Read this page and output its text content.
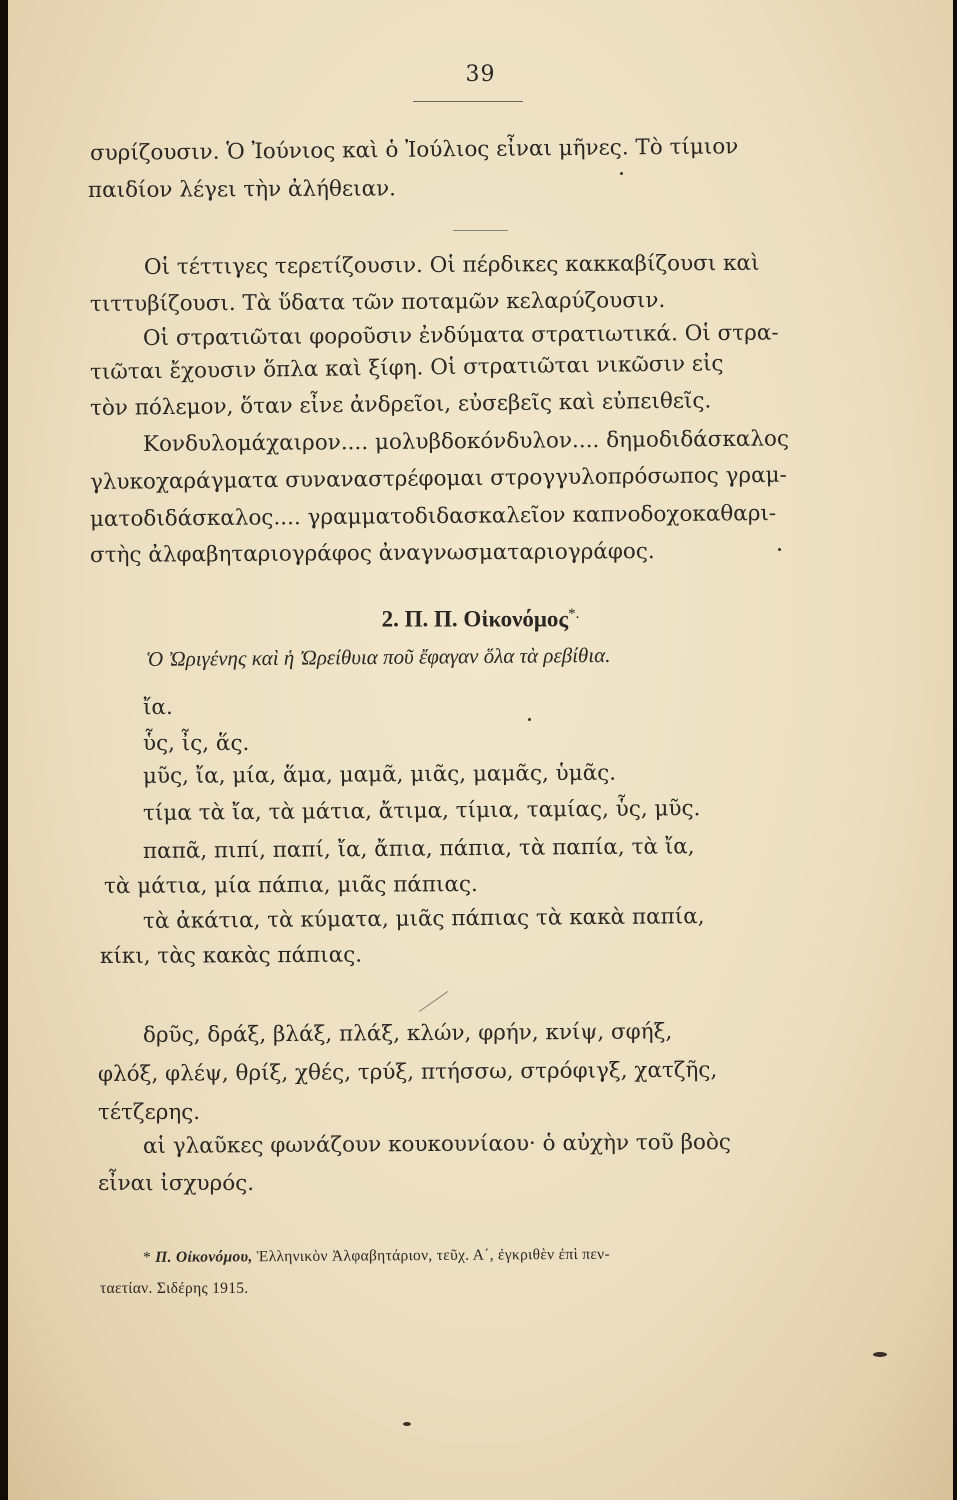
39
συρίζουσιν. Ὁ Ἰούνιος καὶ ὁ Ἰούλιος εἶναι μῆνες. Τὸ τίμιον
παιδίον λέγει τὴν ἀλήθειαν.
Οἱ τέττιγες τερετίζουσιν. Οἱ πέρδικες κακκαβίζουσι καὶ
τιττυβίζουσι. Τὰ ὕδατα τῶν ποταμῶν κελαρύζουσιν.
Οἱ στρατιῶται φοροῦσιν ἐνδύματα στρατιωτικά. Οἱ στρα-
τιῶται ἔχουσιν ὅπλα καὶ ξίφη. Οἱ στρατιῶται νικῶσιν εἰς
τὸν πόλεμον, ὅταν εἶνε ἀνδρεῖοι, εὐσεβεῖς καὶ εὐπειθεῖς.
Κονδυλομάχαιρον.... μολυβδοκόνδυλον.... δημοδιδάσκαλος
γλυκοχαράγματα συναναστρέφομαι στρογγυλοπρόσωπος γραμ-
ματοδιδάσκαλος.... γραμματοδιδασκαλεῖον καπνοδοχοκαθαρι-
στὴς ἀλφαβηταριογράφος ἀναγνωσματαριογράφος.
2. Π. Π. Οἰκονόμος*.
Ὁ Ὠριγένης καὶ ἡ Ὠρείθυια ποῦ ἔφαγαν ὅλα τὰ ρεβίθια.
ἴα.
ὗς, ἶς, ἅς.
μῦς, ἴα, μία, ἅμα, μαμᾶ, μιᾶς, μαμᾶς, ὑμᾶς.
τίμα τὰ ἴα, τὰ μάτια, ἄτιμα, τίμια, ταμίας, ὗς, μῦς.
παπᾶ, πιπί, παπί, ἴα, ἄπια, πάπια, τὰ παπία, τὰ ἴα,
τὰ μάτια, μία πάπια, μιᾶς πάπιας.
τὰ ἀκάτια, τὰ κύματα, μιᾶς πάπιας τὰ κακὰ παπία,
κίκι, τὰς κακὰς πάπιας.
δρῦς, δράξ, βλάξ, πλάξ, κλών, φρήν, κνίψ, σφήξ,
φλόξ, φλέψ, θρίξ, χθές, τρύξ, πτήσσω, στρόφιγξ, χατζῆς,
τέτζερης.
αἱ γλαῦκες φωνάζουν κουκουνίαου· ὁ αὐχὴν τοῦ βοὸς
εἶναι ἰσχυρός.
* Π. Οἰκονόμου, Ἑλληνικὸν Ἀλφαβητάριον, τεῦχ. Α΄, ἐγκριθὲν ἐπὶ πεν-
ταετίαν. Σιδέρης 1915.
